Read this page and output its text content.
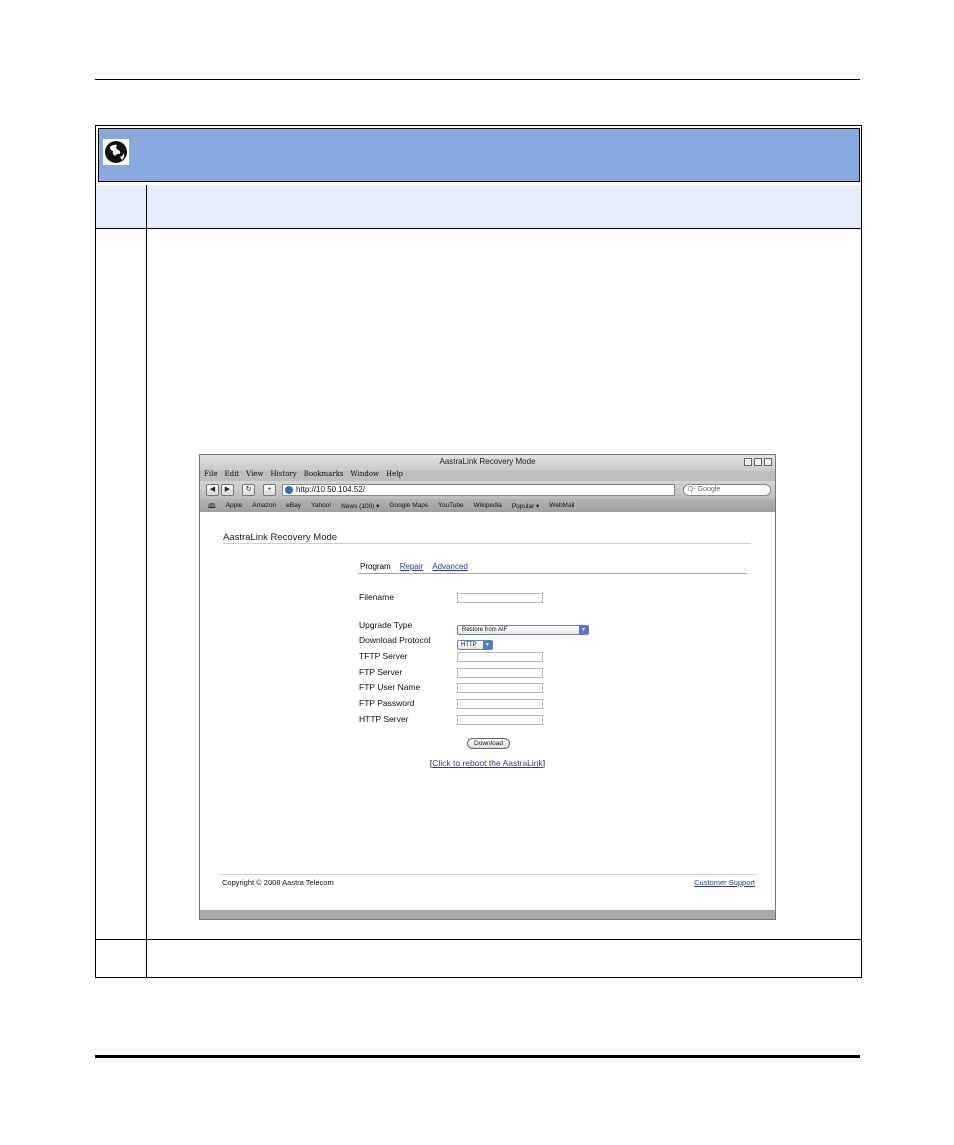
AastraLink Recovery Mode
File Edit View History Bookmarks Window Help
◀	▶	↻	+	http://10.50.104.52/	Q- Google
🕮 Apple Amazon eBay Yahoo! News (100) ▾ Google Maps YouTube Wikipedia Popular ▾ WebMail
AastraLink Recovery Mode
Program Repair Advanced
Filename
Upgrade Type	Restore from AIF	▼
Download Protocol	HTTP	▼
TFTP Server
FTP Server
FTP User Name
FTP Password
HTTP Server
Download
[Click to reboot the AastraLink]
Copyright © 2008 Aastra Telecom	Customer Support
